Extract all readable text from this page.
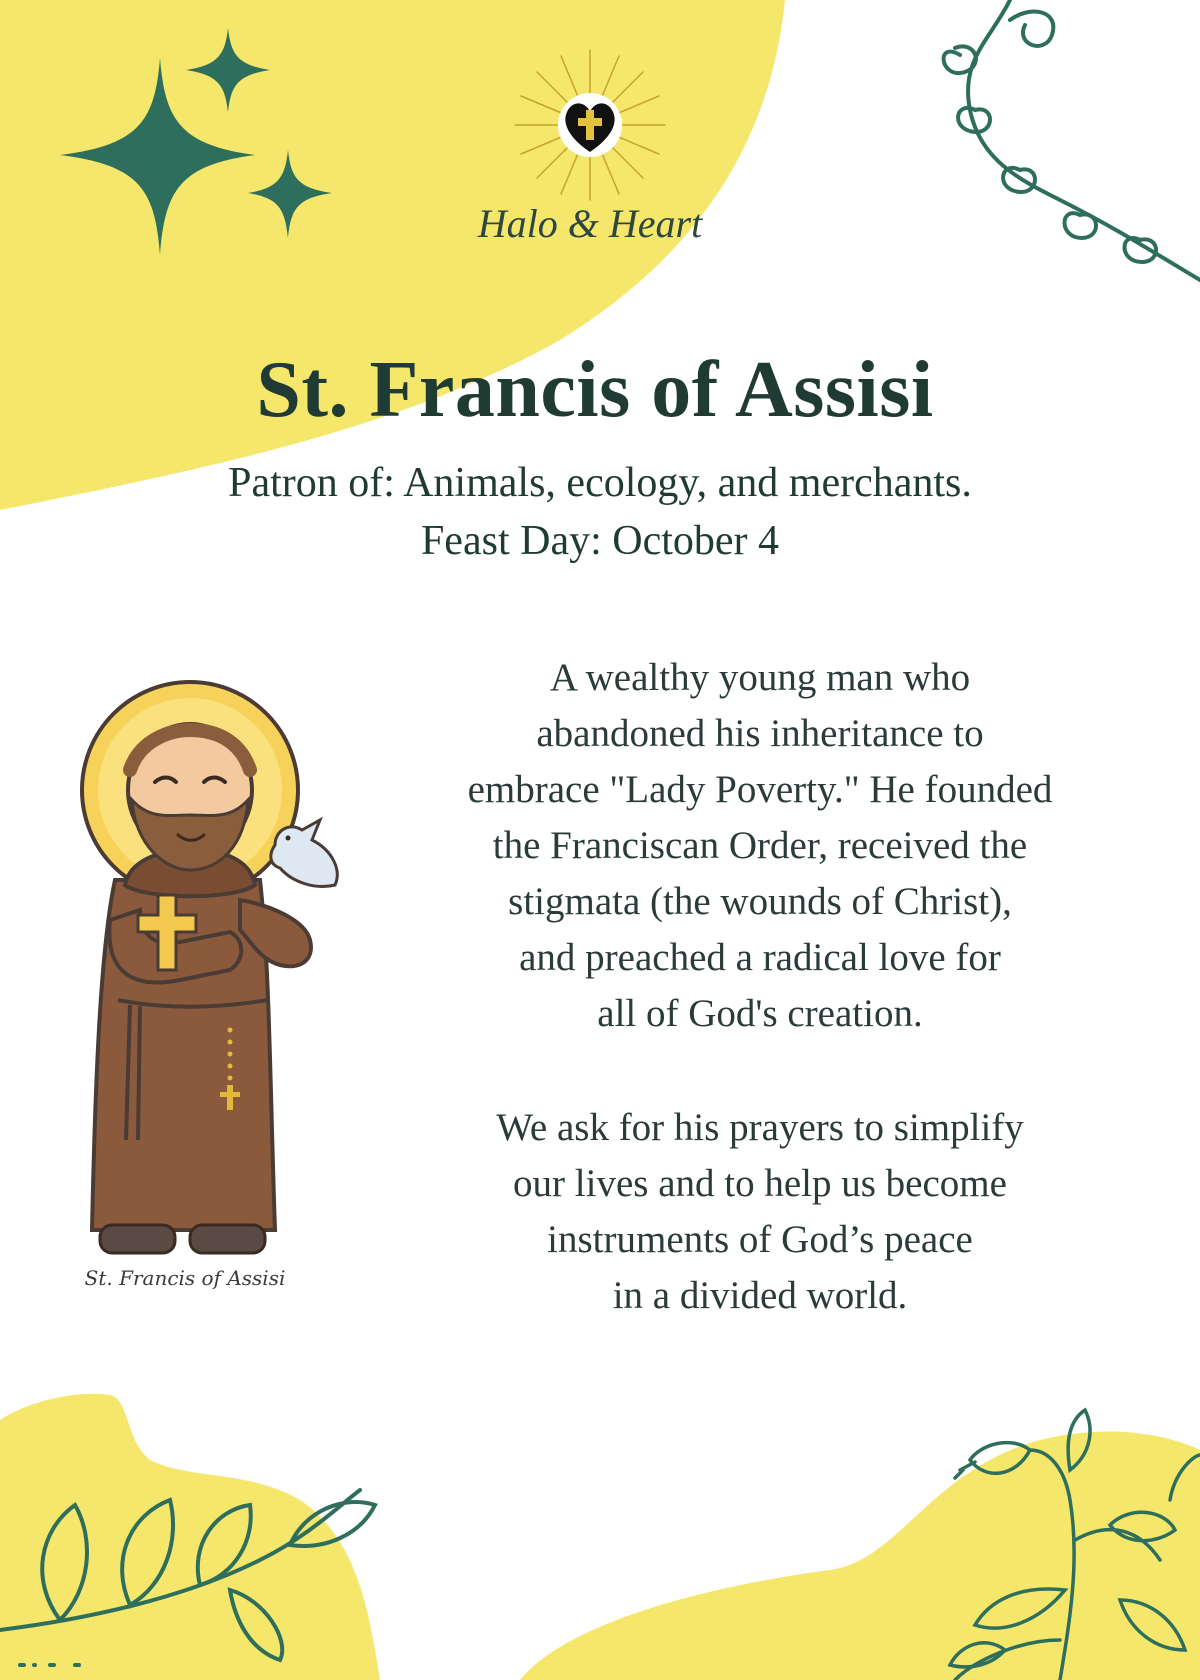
Halo & Heart
St. Francis of Assisi
Patron of: Animals, ecology, and merchants.
Feast Day: October 4
St. Francis of Assisi
A wealthy young man who
abandoned his inheritance to
embrace "Lady Poverty." He founded
the Franciscan Order, received the
stigmata (the wounds of Christ),
and preached a radical love for
all of God's creation.
We ask for his prayers to simplify
our lives and to help us become
instruments of God’s peace
in a divided world.
